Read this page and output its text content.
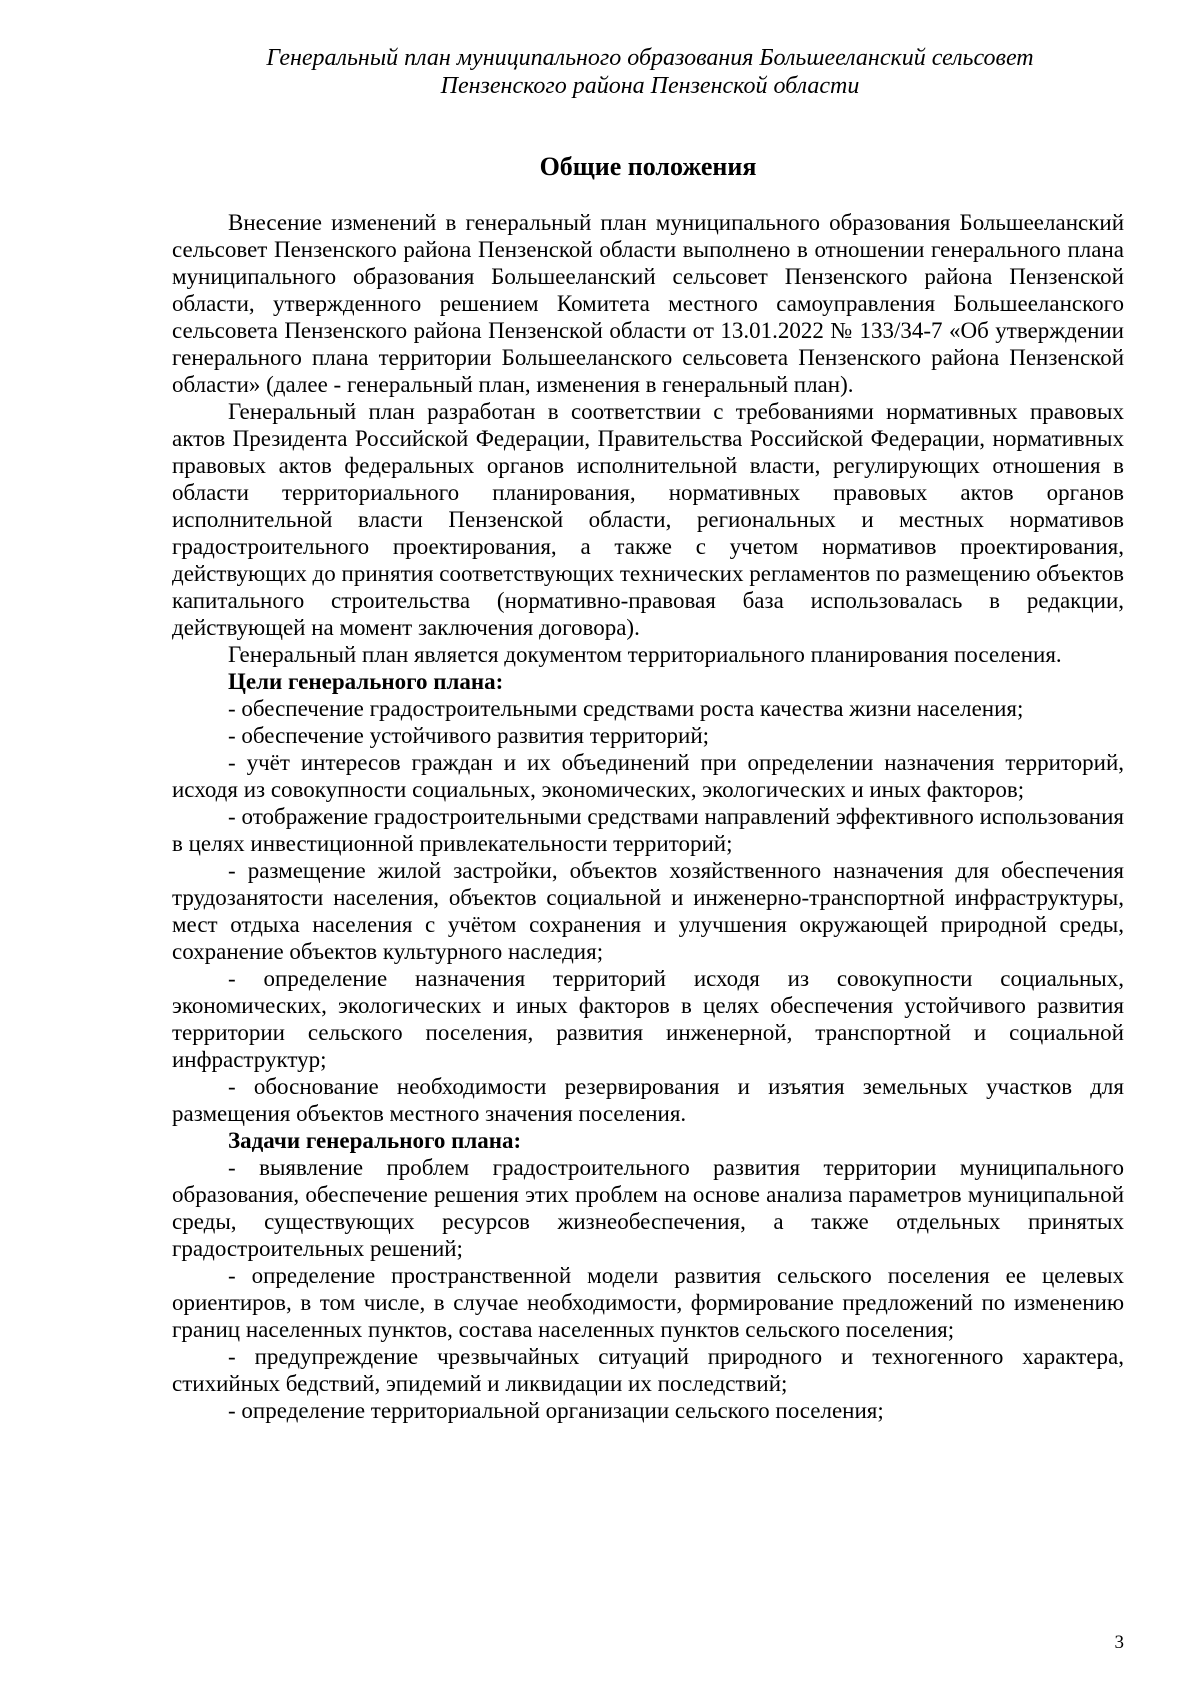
Генеральный план муниципального образования Большееланский сельсовет
Пензенского района Пензенской области
Общие положения

Внесение изменений в генеральный план муниципального образования Большееланский сельсовет Пензенского района Пензенской области выполнено в отношении генерального плана муниципального образования Большееланский сельсовет Пензенского района Пензенской области, утвержденного решением Комитета местного самоуправления Большееланского сельсовета Пензенского района Пензенской области от 13.01.2022 № 133/34-7 «Об утверждении генерального плана территории Большееланского сельсовета Пензенского района Пензенской области» (далее - генеральный план, изменения в генеральный план).

Генеральный план разработан в соответствии с требованиями нормативных правовых актов Президента Российской Федерации, Правительства Российской Федерации, нормативных правовых актов федеральных органов исполнительной власти, регулирующих отношения в области территориального планирования, нормативных правовых актов органов исполнительной власти Пензенской области, региональных и местных нормативов градостроительного проектирования, а также с учетом нормативов проектирования, действующих до принятия соответствующих технических регламентов по размещению объектов капитального строительства (нормативно-правовая база использовалась в редакции, действующей на момент заключения договора).

Генеральный план является документом территориального планирования поселения.

Цели генерального плана:

- обеспечение градостроительными средствами роста качества жизни населения;

- обеспечение устойчивого развития территорий;

- учёт интересов граждан и их объединений при определении назначения территорий, исходя из совокупности социальных, экономических, экологических и иных факторов;

- отображение градостроительными средствами направлений эффективного использования в целях инвестиционной привлекательности территорий;

- размещение жилой застройки, объектов хозяйственного назначения для обеспечения трудозанятости населения, объектов социальной и инженерно-транспортной инфраструктуры, мест отдыха населения с учётом сохранения и улучшения окружающей природной среды, сохранение объектов культурного наследия;

- определение назначения территорий исходя из совокупности социальных, экономических, экологических и иных факторов в целях обеспечения устойчивого развития территории сельского поселения, развития инженерной, транспортной и социальной инфраструктур;

- обоснование необходимости резервирования и изъятия земельных участков для размещения объектов местного значения поселения.

Задачи генерального плана:

- выявление проблем градостроительного развития территории муниципального образования, обеспечение решения этих проблем на основе анализа параметров муниципальной среды, существующих ресурсов жизнеобеспечения, а также отдельных принятых градостроительных решений;

- определение пространственной модели развития сельского поселения ее целевых ориентиров, в том числе, в случае необходимости, формирование предложений по изменению границ населенных пунктов, состава населенных пунктов сельского поселения;

- предупреждение чрезвычайных ситуаций природного и техногенного характера, стихийных бедствий, эпидемий и ликвидации их последствий;

- определение территориальной организации сельского поселения;

3
